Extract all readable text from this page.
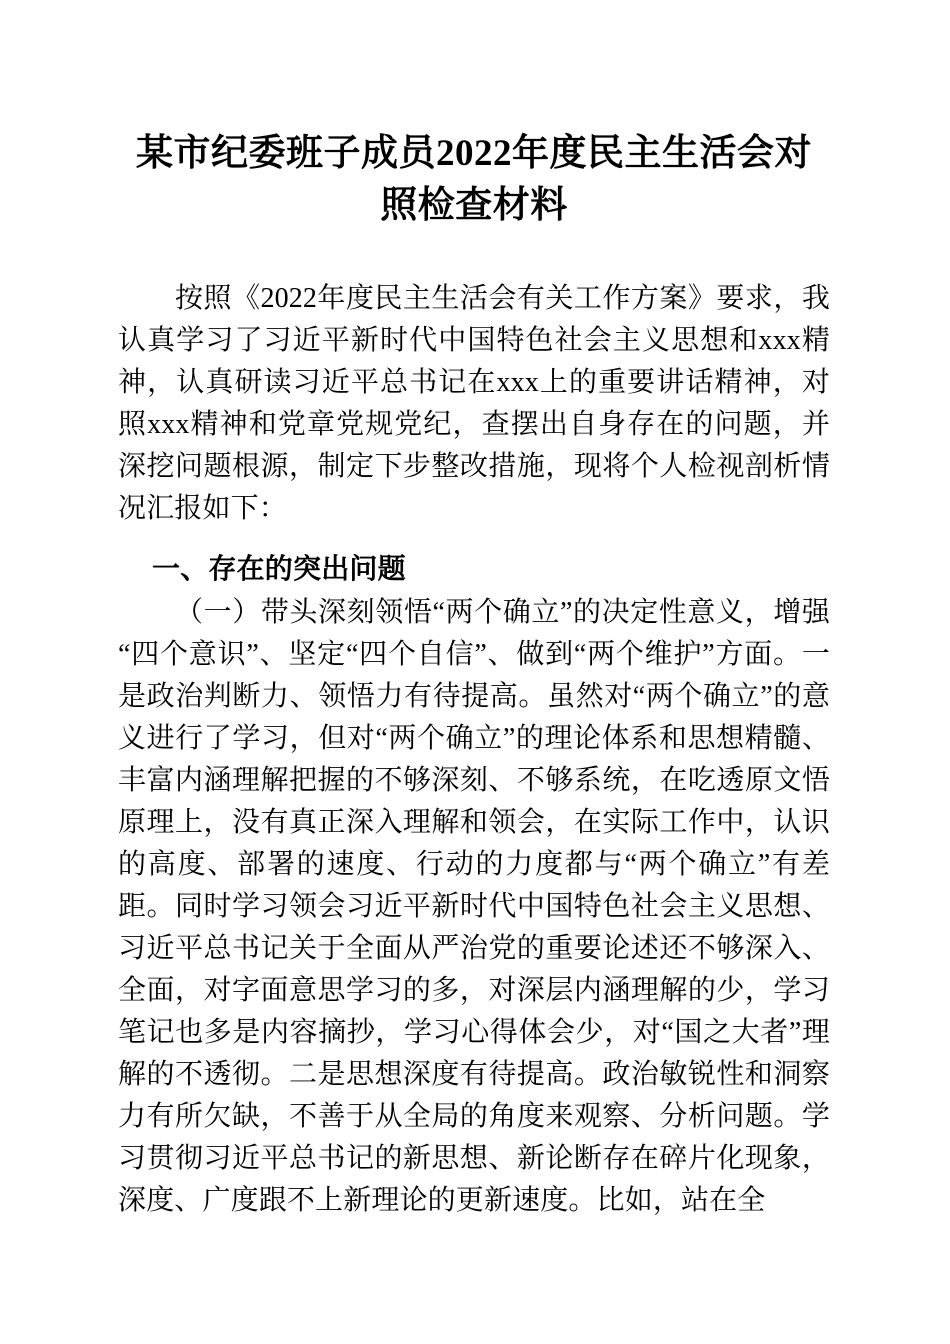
某市纪委班子成员2022年度民主生活会对照检查材料

按照《2022年度民主生活会有关工作方案》要求，我认真学习了习近平新时代中国特色社会主义思想和xxx精神，认真研读习近平总书记在xxx上的重要讲话精神，对照xxx精神和党章党规党纪，查摆出自身存在的问题，并深挖问题根源，制定下步整改措施，现将个人检视剖析情况汇报如下：

一、存在的突出问题

（一）带头深刻领悟“两个确立”的决定性意义，增强“四个意识”、坚定“四个自信”、做到“两个维护”方面。一是政治判断力、领悟力有待提高。虽然对“两个确立”的意义进行了学习，但对“两个确立”的理论体系和思想精髓、丰富内涵理解把握的不够深刻、不够系统，在吃透原文悟原理上，没有真正深入理解和领会，在实际工作中，认识的高度、部署的速度、行动的力度都与“两个确立”有差距。同时学习领会习近平新时代中国特色社会主义思想、习近平总书记关于全面从严治党的重要论述还不够深入、全面，对字面意思学习的多，对深层内涵理解的少，学习笔记也多是内容摘抄，学习心得体会少，对“国之大者”理解的不透彻。二是思想深度有待提高。政治敏锐性和洞察力有所欠缺，不善于从全局的角度来观察、分析问题。学习贯彻习近平总书记的新思想、新论断存在碎片化现象，深度、广度跟不上新理论的更新速度。比如，站在全
